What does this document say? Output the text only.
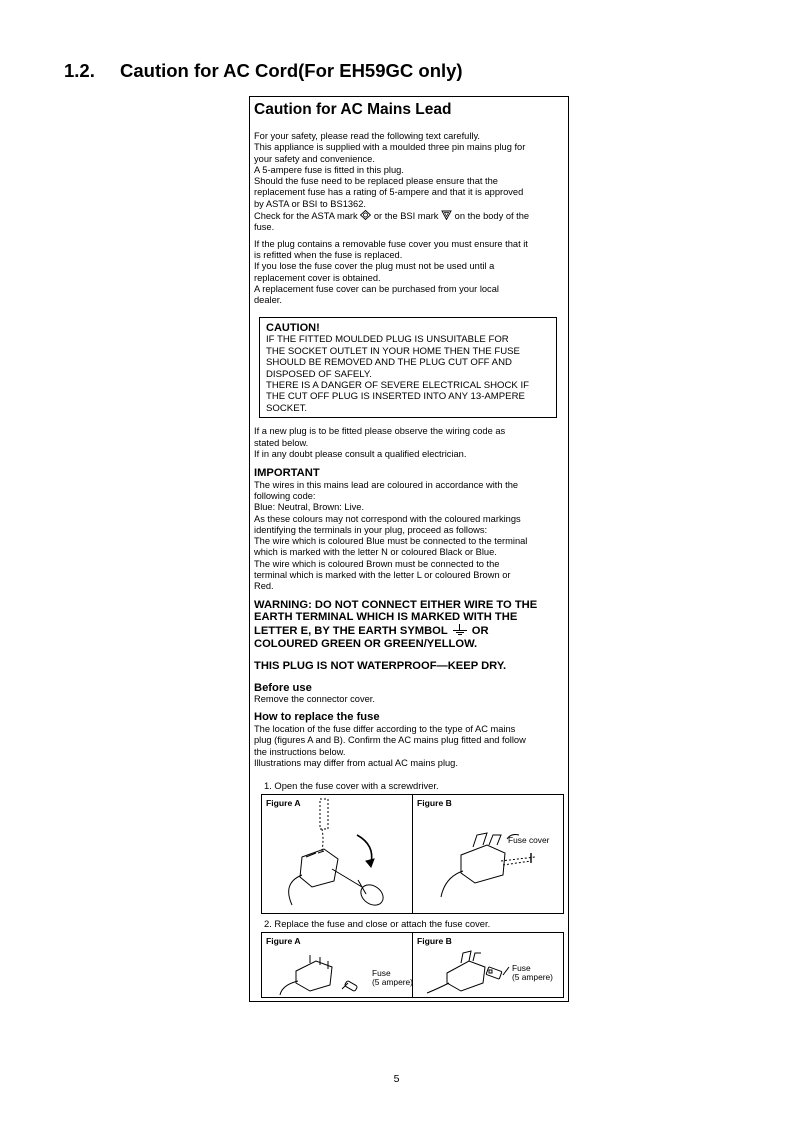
1.2. Caution for AC Cord(For EH59GC only)
Caution for AC Mains Lead
For your safety, please read the following text carefully.
This appliance is supplied with a moulded three pin mains plug for
your safety and convenience.
A 5-ampere fuse is fitted in this plug.
Should the fuse need to be replaced please ensure that the
replacement fuse has a rating of 5-ampere and that it is approved
by ASTA or BSI to BS1362.
Check for the ASTA mark or the BSI mark on the body of the
fuse.
If the plug contains a removable fuse cover you must ensure that it
is refitted when the fuse is replaced.
If you lose the fuse cover the plug must not be used until a
replacement cover is obtained.
A replacement fuse cover can be purchased from your local
dealer.
CAUTION!
IF THE FITTED MOULDED PLUG IS UNSUITABLE FOR
THE SOCKET OUTLET IN YOUR HOME THEN THE FUSE
SHOULD BE REMOVED AND THE PLUG CUT OFF AND
DISPOSED OF SAFELY.
THERE IS A DANGER OF SEVERE ELECTRICAL SHOCK IF
THE CUT OFF PLUG IS INSERTED INTO ANY 13-AMPERE
SOCKET.
If a new plug is to be fitted please observe the wiring code as
stated below.
If in any doubt please consult a qualified electrician.
IMPORTANT
The wires in this mains lead are coloured in accordance with the
following code:
Blue: Neutral, Brown: Live.
As these colours may not correspond with the coloured markings
identifying the terminals in your plug, proceed as follows:
The wire which is coloured Blue must be connected to the terminal
which is marked with the letter N or coloured Black or Blue.
The wire which is coloured Brown must be connected to the
terminal which is marked with the letter L or coloured Brown or
Red.
WARNING: DO NOT CONNECT EITHER WIRE TO THE
EARTH TERMINAL WHICH IS MARKED WITH THE
LETTER E, BY THE EARTH SYMBOL OR
COLOURED GREEN OR GREEN/YELLOW.
THIS PLUG IS NOT WATERPROOF—KEEP DRY.
Before use
Remove the connector cover.
How to replace the fuse
The location of the fuse differ according to the type of AC mains
plug (figures A and B). Confirm the AC mains plug fitted and follow
the instructions below.
Illustrations may differ from actual AC mains plug.
1. Open the fuse cover with a screwdriver.
Figure A	Figure B
Fuse cover
2. Replace the fuse and close or attach the fuse cover.
Figure A
Fuse
(5 ampere)
Figure B
Fuse
(5 ampere)
5
